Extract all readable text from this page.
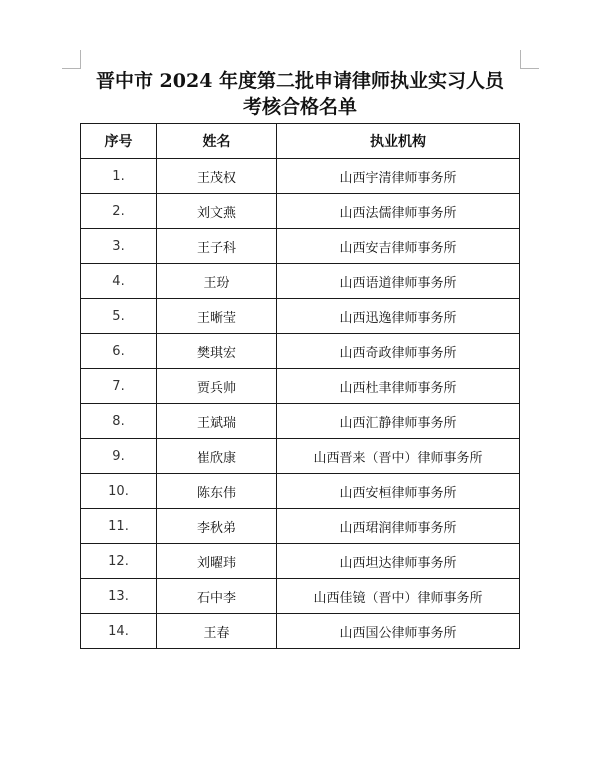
晋中市 2024 年度第二批申请律师执业实习人员
考核合格名单
序号	姓名	执业机构
1.	王茂权	山西宇清律师事务所
2.	刘文燕	山西法儒律师事务所
3.	王子科	山西安吉律师事务所
4.	王玢	山西语道律师事务所
5.	王晰莹	山西迅逸律师事务所
6.	樊琪宏	山西奇政律师事务所
7.	贾兵帅	山西杜聿律师事务所
8.	王斌瑞	山西汇静律师事务所
9.	崔欣康	山西晋来（晋中）律师事务所
10.	陈东伟	山西安桓律师事务所
11.	李秋弟	山西珺润律师事务所
12.	刘曜玮	山西坦达律师事务所
13.	石中李	山西佳镜（晋中）律师事务所
14.	王春	山西国公律师事务所
